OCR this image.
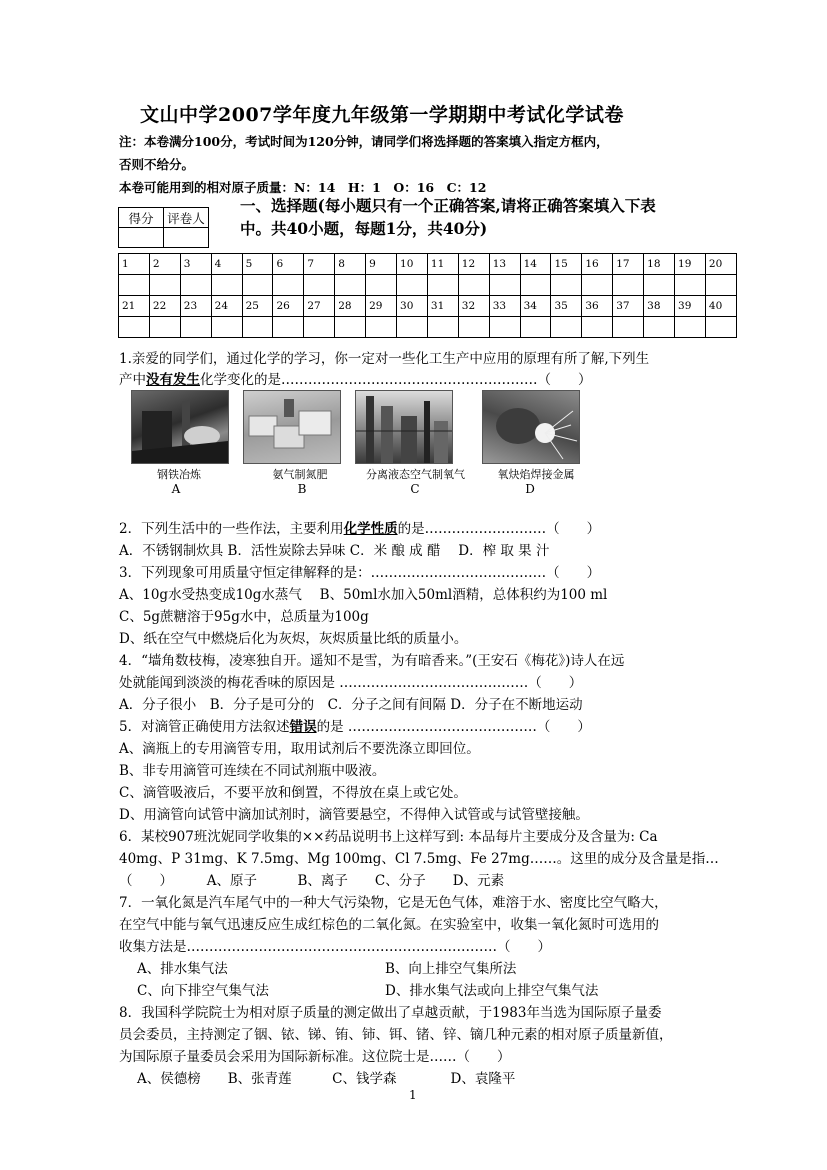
文山中学2007学年度九年级第一学期期中考试化学试卷
注：本卷满分100分，考试时间为120分钟，请同学们将选择题的答案填入指定方框内，
否则不给分。
本卷可能用到的相对原子质量：N：14　H：1　O：16　C：12
得分	评卷人

一、选择题(每小题只有一个正确答案,请将正确答案填入下表
中。共40小题，每题1分，共40分)
1	2	3	4	5	6	7	8	9	10	11	12	13	14	15	16	17	18	19	20

21	22	23	24	25	26	27	28	29	30	31	32	33	34	35	36	37	38	39	40

1.亲爱的同学们，通过化学的学习，你一定对一些化工生产中应用的原理有所了解,下列生
产中没有发生化学变化的是…………………………………………………（　　）
钢铁冶炼	氨气制氮肥	分离液态空气制氧气	氧炔焰焊接金属
A	B	C	D
2．下列生活中的一些作法，主要利用化学性质的是………………………（　　）
A．不锈钢制炊具 B．活性炭除去异味 C．米 酿 成 醋　 D．榨 取 果 汁
3．下列现象可用质量守恒定律解释的是：…………………………………（　　）
A、10g水受热变成10g水蒸气　 B、50ml水加入50ml酒精，总体积约为100 ml
C、5g蔗糖溶于95g水中，总质量为100g
D、纸在空气中燃烧后化为灰烬，灰烬质量比纸的质量小。
4．“墙角数枝梅，凌寒独自开。遥知不是雪，为有暗香来。”(王安石《梅花》)诗人在远
处就能闻到淡淡的梅花香味的原因是 ……………………………………（　　）
A．分子很小　B．分子是可分的　C．分子之间有间隔 D．分子在不断地运动
5．对滴管正确使用方法叙述错误的是 ……………………………………（　　）
A、滴瓶上的专用滴管专用，取用试剂后不要洗涤立即回位。
B、非专用滴管可连续在不同试剂瓶中吸液。
C、滴管吸液后，不要平放和倒置，不得放在桌上或它处。
D、用滴管向试管中滴加试剂时，滴管要悬空，不得伸入试管或与试管壁接触。
6．某校907班沈妮同学收集的××药品说明书上这样写到: 本品每片主要成分及含量为: Ca
40mg、P 31mg、K 7.5mg、Mg 100mg、Cl 7.5mg、Fe 27mg……。这里的成分及含量是指…
（　　）　　　A、原子　　　B、离子　　C、分子　　D、元素
7．一氧化氮是汽车尾气中的一种大气污染物，它是无色气体，难溶于水、密度比空气略大，
在空气中能与氧气迅速反应生成红棕色的二氧化氮。在实验室中，收集一氧化氮时可选用的
收集方法是……………………………………………………………（　　）
A、排水集气法	B、向上排空气集所法
C、向下排空气集气法	D、排水集气法或向上排空气集气法
8．我国科学院院士为相对原子质量的测定做出了卓越贡献，于1983年当选为国际原子量委
员会委员，主持测定了铟、铱、锑、铕、铈、铒、锗、锌、镝几种元素的相对原子质量新值，
为国际原子量委员会采用为国际新标准。这位院士是……（　　）
A、侯德榜　　B、张青莲　　　C、钱学森　　　　D、袁隆平
1
